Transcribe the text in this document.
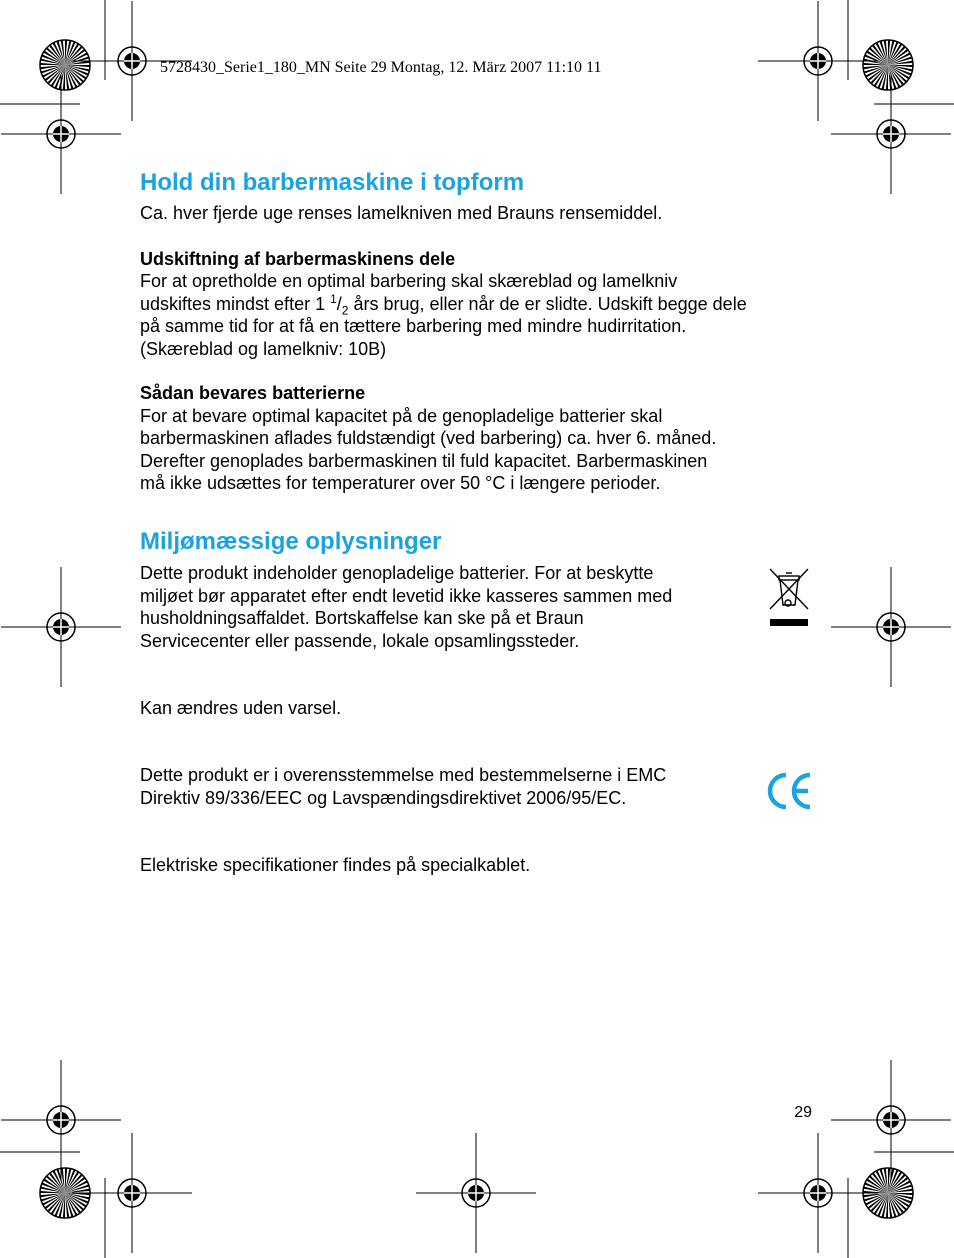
5728430_Serie1_180_MN Seite 29 Montag, 12. März 2007 11:10 11
Hold din barbermaskine i topform

Ca. hver fjerde uge renses lamelkniven med Brauns rensemiddel.

Udskiftning af barbermaskinens dele

For at opretholde en optimal barbering skal skæreblad og lamelkniv
udskiftes mindst efter 1 $^1/_2$ års brug, eller når de er slidte. Udskift begge dele
på samme tid for at få en tættere barbering med mindre hudirritation.
(Skæreblad og lamelkniv: 10B)

Sådan bevares batterierne

For at bevare optimal kapacitet på de genopladelige batterier skal
barbermaskinen aflades fuldstændigt (ved barbering) ca. hver 6. måned.
Derefter genoplades barbermaskinen til fuld kapacitet. Barbermaskinen
må ikke udsættes for temperaturer over 50 °C i længere perioder.

Miljømæssige oplysninger

Dette produkt indeholder genopladelige batterier. For at beskytte
miljøet bør apparatet efter endt levetid ikke kasseres sammen med
husholdningsaffaldet. Bortskaffelse kan ske på et Braun
Servicecenter eller passende, lokale opsamlingssteder.

Kan ændres uden varsel.

Dette produkt er i overensstemmelse med bestemmelserne i EMC
Direktiv 89/336/EEC og Lavspændingsdirektivet 2006/95/EC.

Elektriske specifikationer findes på specialkablet.

29
